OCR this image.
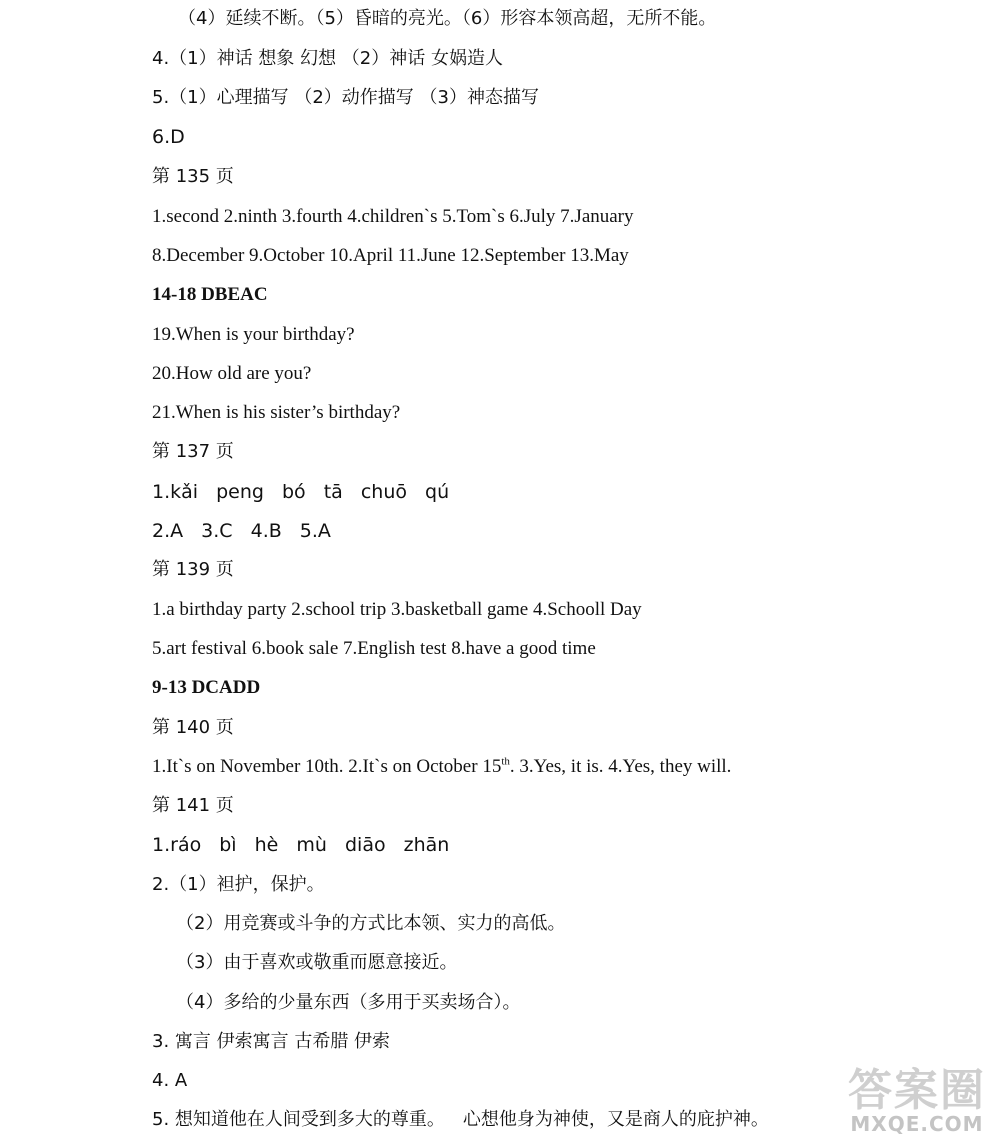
（4）延续不断。（5）昏暗的亮光。（6）形容本领高超，无所不能。
4.（1）神话 想象 幻想 （2）神话 女娲造人
5.（1）心理描写 （2）动作描写 （3）神态描写
6.D
第 135 页
1.second 2.ninth 3.fourth 4.children`s 5.Tom`s 6.July 7.January
8.December 9.October 10.April 11.June 12.September 13.May
14-18 DBEAC
19.When is your birthday?
20.How old are you?
21.When is his sister’s birthday?
第 137 页
1.kǎi peng bó tā chuō qú
2.A 3.C 4.B 5.A
第 139 页
1.a birthday party 2.school trip 3.basketball game 4.Schooll Day
5.art festival 6.book sale 7.English test 8.have a good time
9-13 DCADD
第 140 页
1.It`s on November 10th. 2.It`s on October 15th. 3.Yes, it is. 4.Yes, they will.
第 141 页
1.ráo bì hè mù diāo zhān
2.（1）袒护，保护。
（2）用竞赛或斗争的方式比本领、实力的高低。
（3）由于喜欢或敬重而愿意接近。
（4）多给的少量东西（多用于买卖场合）。
3. 寓言 伊索寓言 古希腊 伊索
4. A
5. 想知道他在人间受到多大的尊重。 心想他身为神使，又是商人的庇护神。
答案圈
MXQE.COM
